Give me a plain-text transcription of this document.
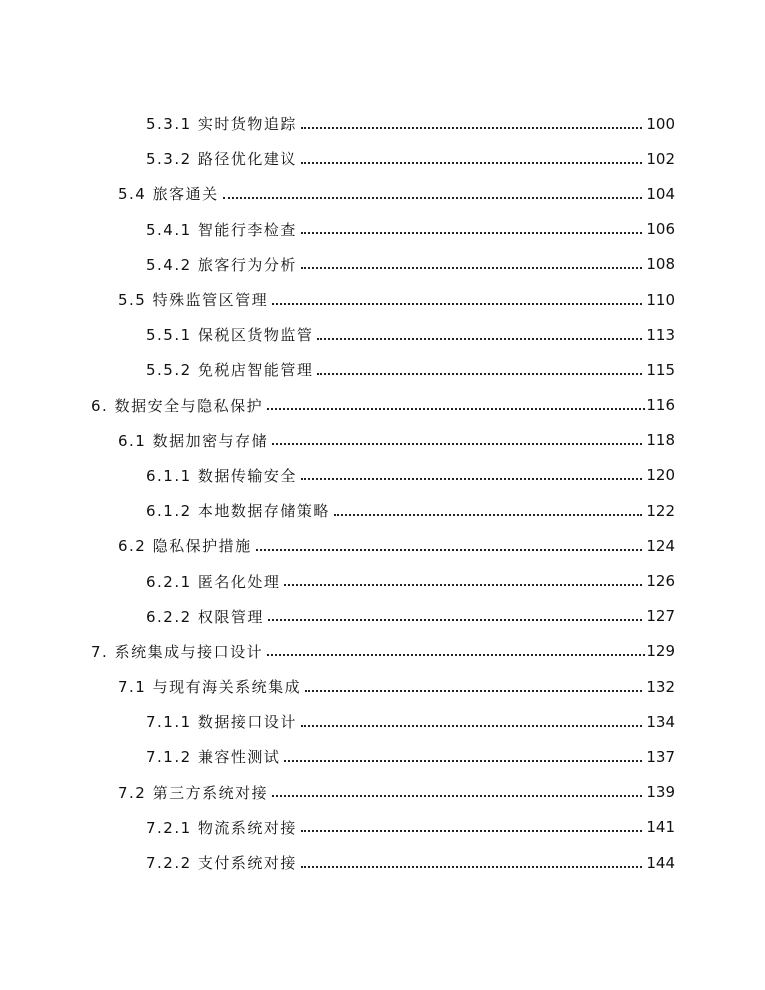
5.3.1 实时货物追踪	100
5.3.2 路径优化建议	102
5.4 旅客通关	104
5.4.1 智能行李检查	106
5.4.2 旅客行为分析	108
5.5 特殊监管区管理	110
5.5.1 保税区货物监管	113
5.5.2 免税店智能管理	115
6. 数据安全与隐私保护	116
6.1 数据加密与存储	118
6.1.1 数据传输安全	120
6.1.2 本地数据存储策略	122
6.2 隐私保护措施	124
6.2.1 匿名化处理	126
6.2.2 权限管理	127
7. 系统集成与接口设计	129
7.1 与现有海关系统集成	132
7.1.1 数据接口设计	134
7.1.2 兼容性测试	137
7.2 第三方系统对接	139
7.2.1 物流系统对接	141
7.2.2 支付系统对接	144
